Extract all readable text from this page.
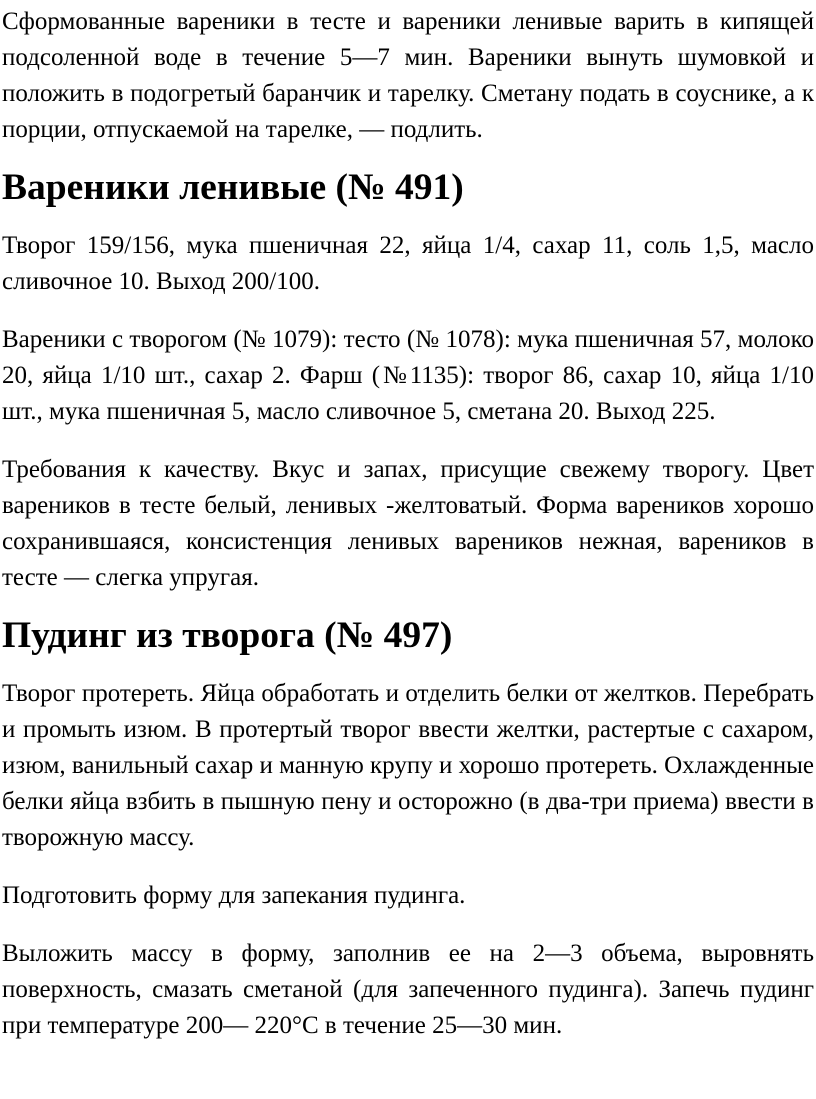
Сформованные вареники в тесте и вареники ленивые варить в кипящей подсоленной воде в течение 5—7 мин. Вареники вынуть шумовкой и положить в подогретый баранчик и тарелку. Сметану подать в соуснике, а к порции, отпускаемой на тарелке, — подлить.

Вареники ленивые (№ 491)

Творог 159/156, мука пшеничная 22, яйца 1/4, сахар 11, соль 1,5, масло сливочное 10. Выход 200/100.

Вареники с творогом (№ 1079): тесто (№ 1078): мука пшеничная 57, молоко 20, яйца 1/10 шт., сахар 2. Фарш (№1135): творог 86, сахар 10, яйца 1/10 шт., мука пшеничная 5, масло сливочное 5, сметана 20. Выход 225.

Требования к качеству. Вкус и запах, присущие свежему творогу. Цвет вареников в тесте белый, ленивых -желтоватый. Форма вареников хорошо сохранившаяся, консистенция ленивых вареников нежная, вареников в тесте — слегка упругая.

Пудинг из творога (№ 497)

Творог протереть. Яйца обработать и отделить белки от желтков. Перебрать и промыть изюм. В протертый творог ввести желтки, растертые с сахаром, изюм, ванильный сахар и манную крупу и хорошо протереть. Охлажденные белки яйца взбить в пышную пену и осторожно (в два-три приема) ввести в творожную массу.

Подготовить форму для запекания пудинга.

Выложить массу в форму, заполнив ее на 2—3 объема, выровнять поверхность, смазать сметаной (для запеченного пудинга). Запечь пудинг при температуре 200— 220°С в течение 25—30 мин.
